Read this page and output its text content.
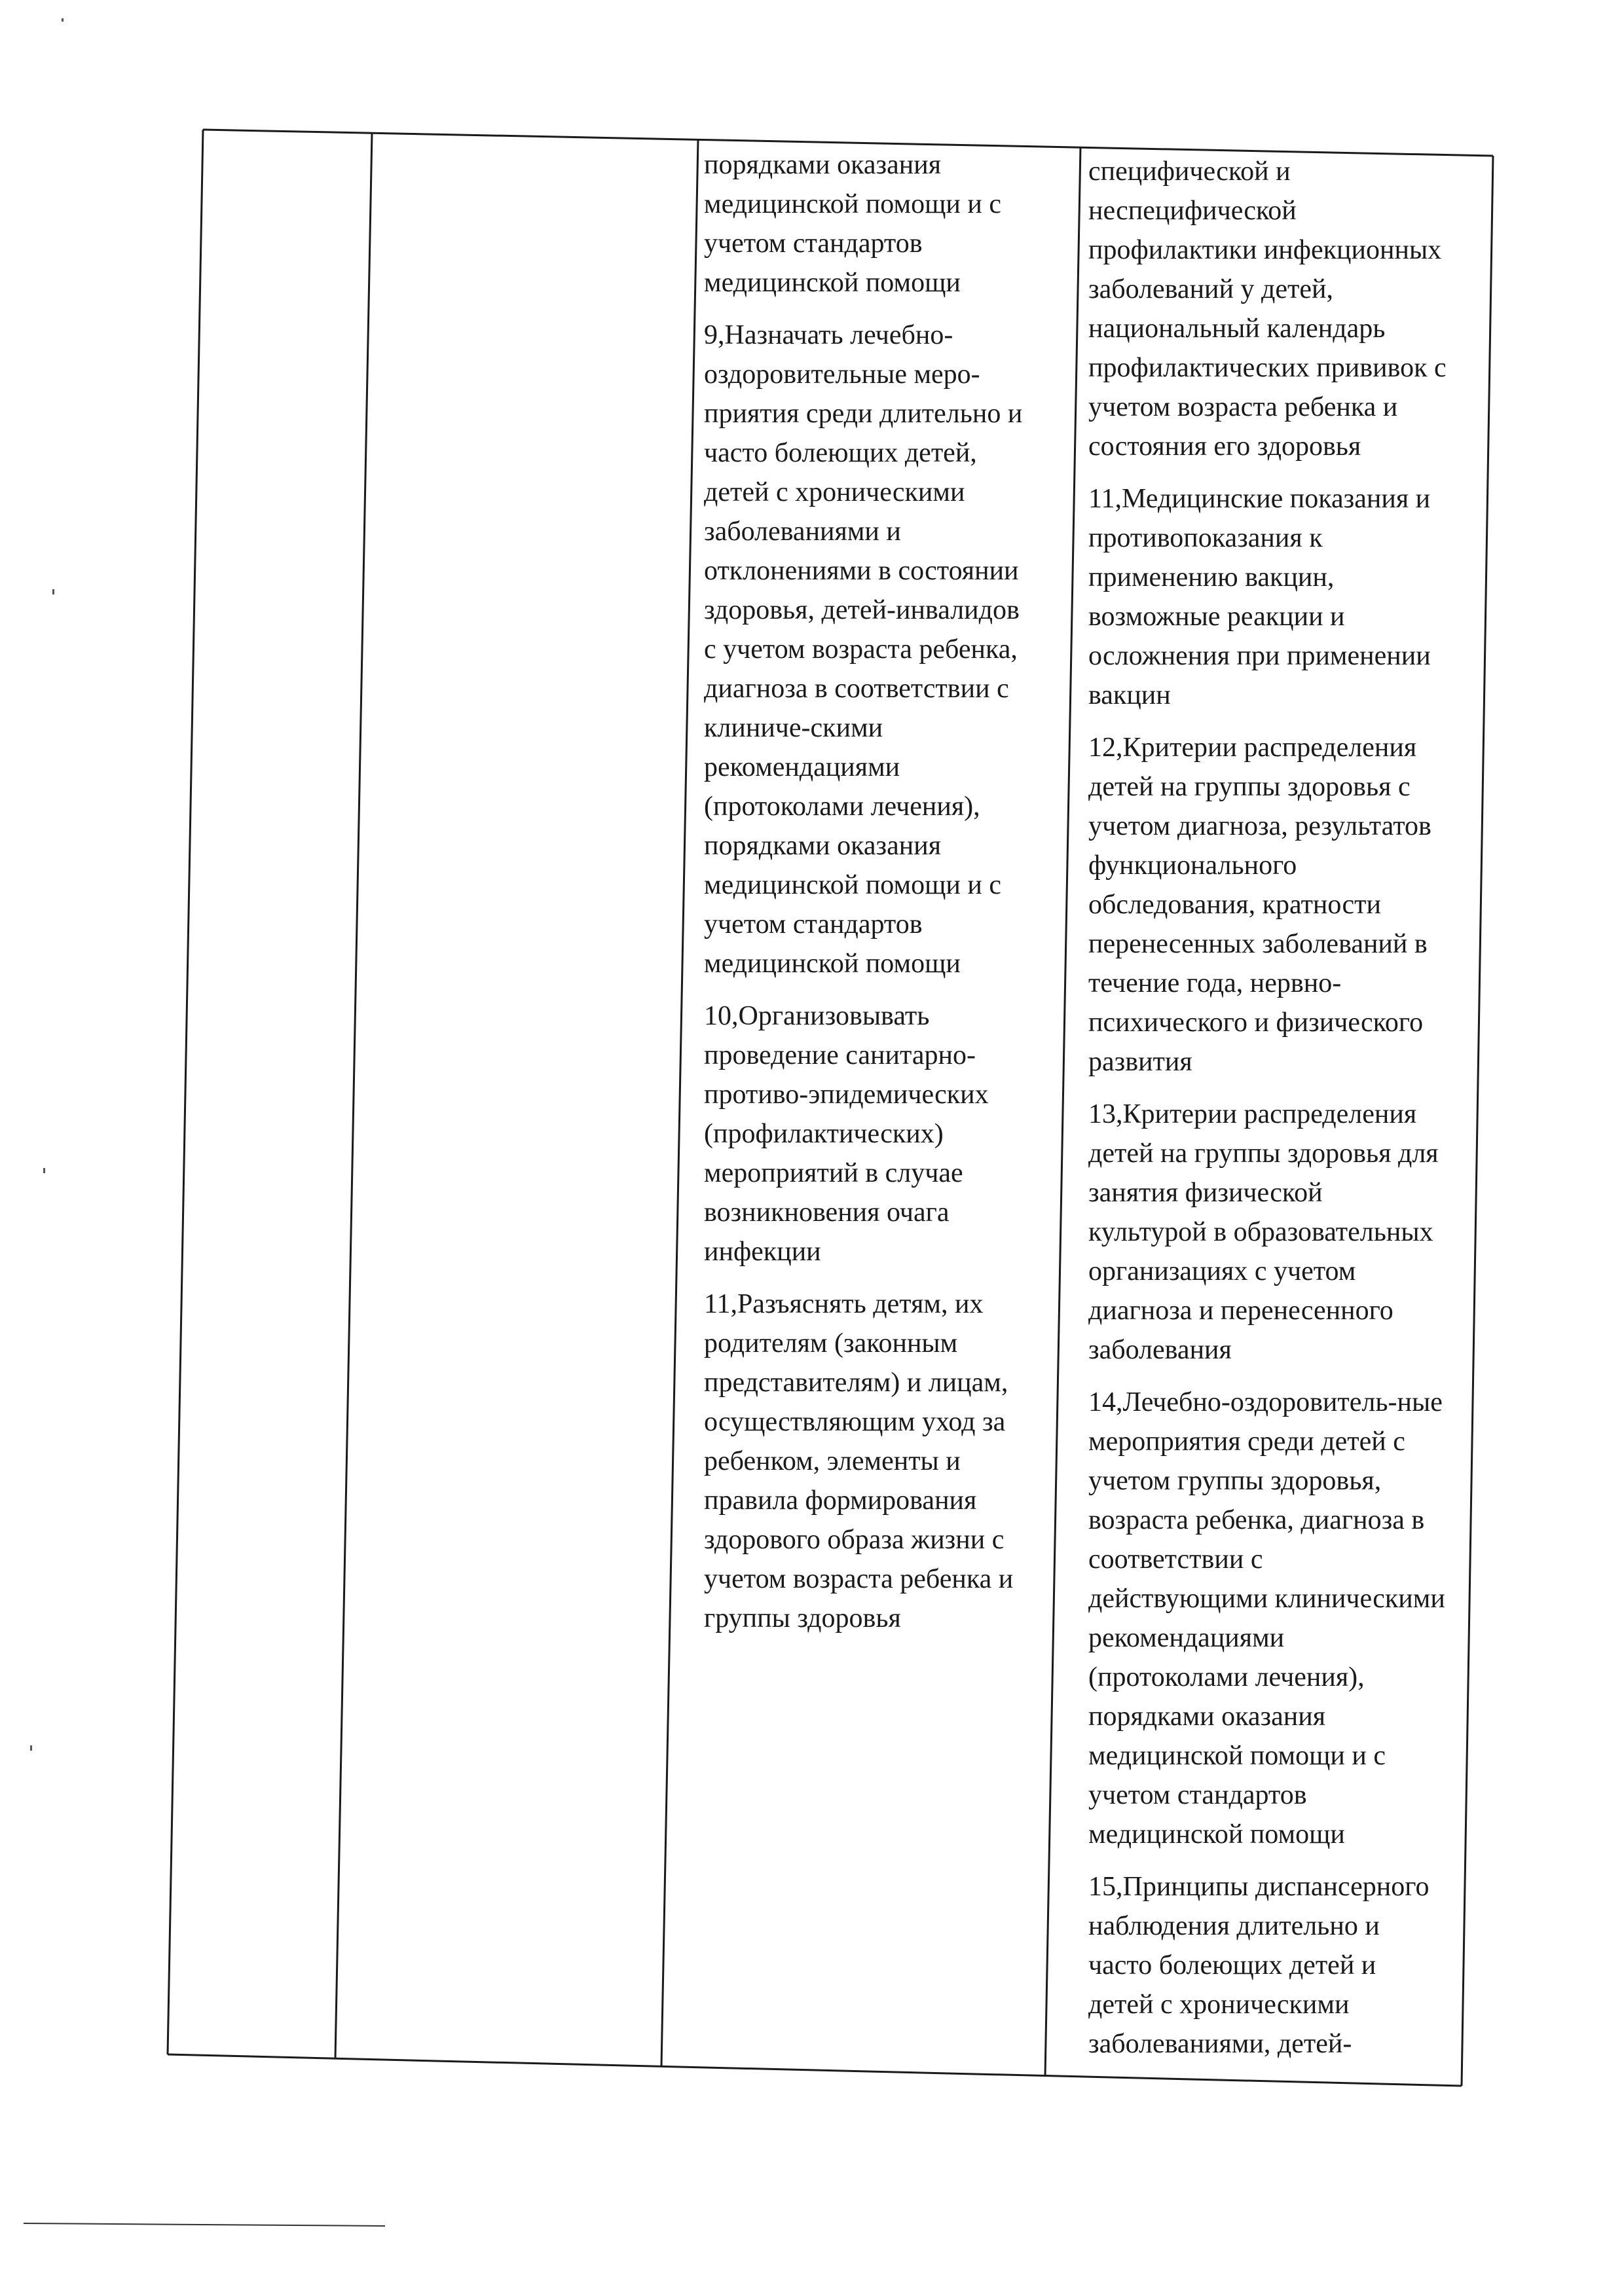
порядками оказания
медицинской помощи и с
учетом стандартов
медицинской помощи

9,Назначать лечебно-
оздоровительные меро-
приятия среди длительно и
часто болеющих детей,
детей с хроническими
заболеваниями и
отклонениями в состоянии
здоровья, детей-инвалидов
с учетом возраста ребенка,
диагноза в соответствии с
клиниче-скими
рекомендациями
(протоколами лечения),
порядками оказания
медицинской помощи и с
учетом стандартов
медицинской помощи

10,Организовывать
проведение санитарно-
противо-эпидемических
(профилактических)
мероприятий в случае
возникновения очага
инфекции

11,Разъяснять детям, их
родителям (законным
представителям) и лицам,
осуществляющим уход за
ребенком, элементы и
правила формирования
здорового образа жизни с
учетом возраста ребенка и
группы здоровья

специфической и
неспецифической
профилактики инфекционных
заболеваний у детей,
национальный календарь
профилактических прививок с
учетом возраста ребенка и
состояния его здоровья

11,Медицинские показания и
противопоказания к
применению вакцин,
возможные реакции и
осложнения при применении
вакцин

12,Критерии распределения
детей на группы здоровья с
учетом диагноза, результатов
функционального
обследования, кратности
перенесенных заболеваний в
течение года, нервно-
психического и физического
развития

13,Критерии распределения
детей на группы здоровья для
занятия физической
культурой в образовательных
организациях с учетом
диагноза и перенесенного
заболевания

14,Лечебно-оздоровитель-ные
мероприятия среди детей с
учетом группы здоровья,
возраста ребенка, диагноза в
соответствии с
действующими клиническими
рекомендациями
(протоколами лечения),
порядками оказания
медицинской помощи и с
учетом стандартов
медицинской помощи

15,Принципы диспансерного
наблюдения длительно и
часто болеющих детей и
детей с хроническими
заболеваниями, детей-
